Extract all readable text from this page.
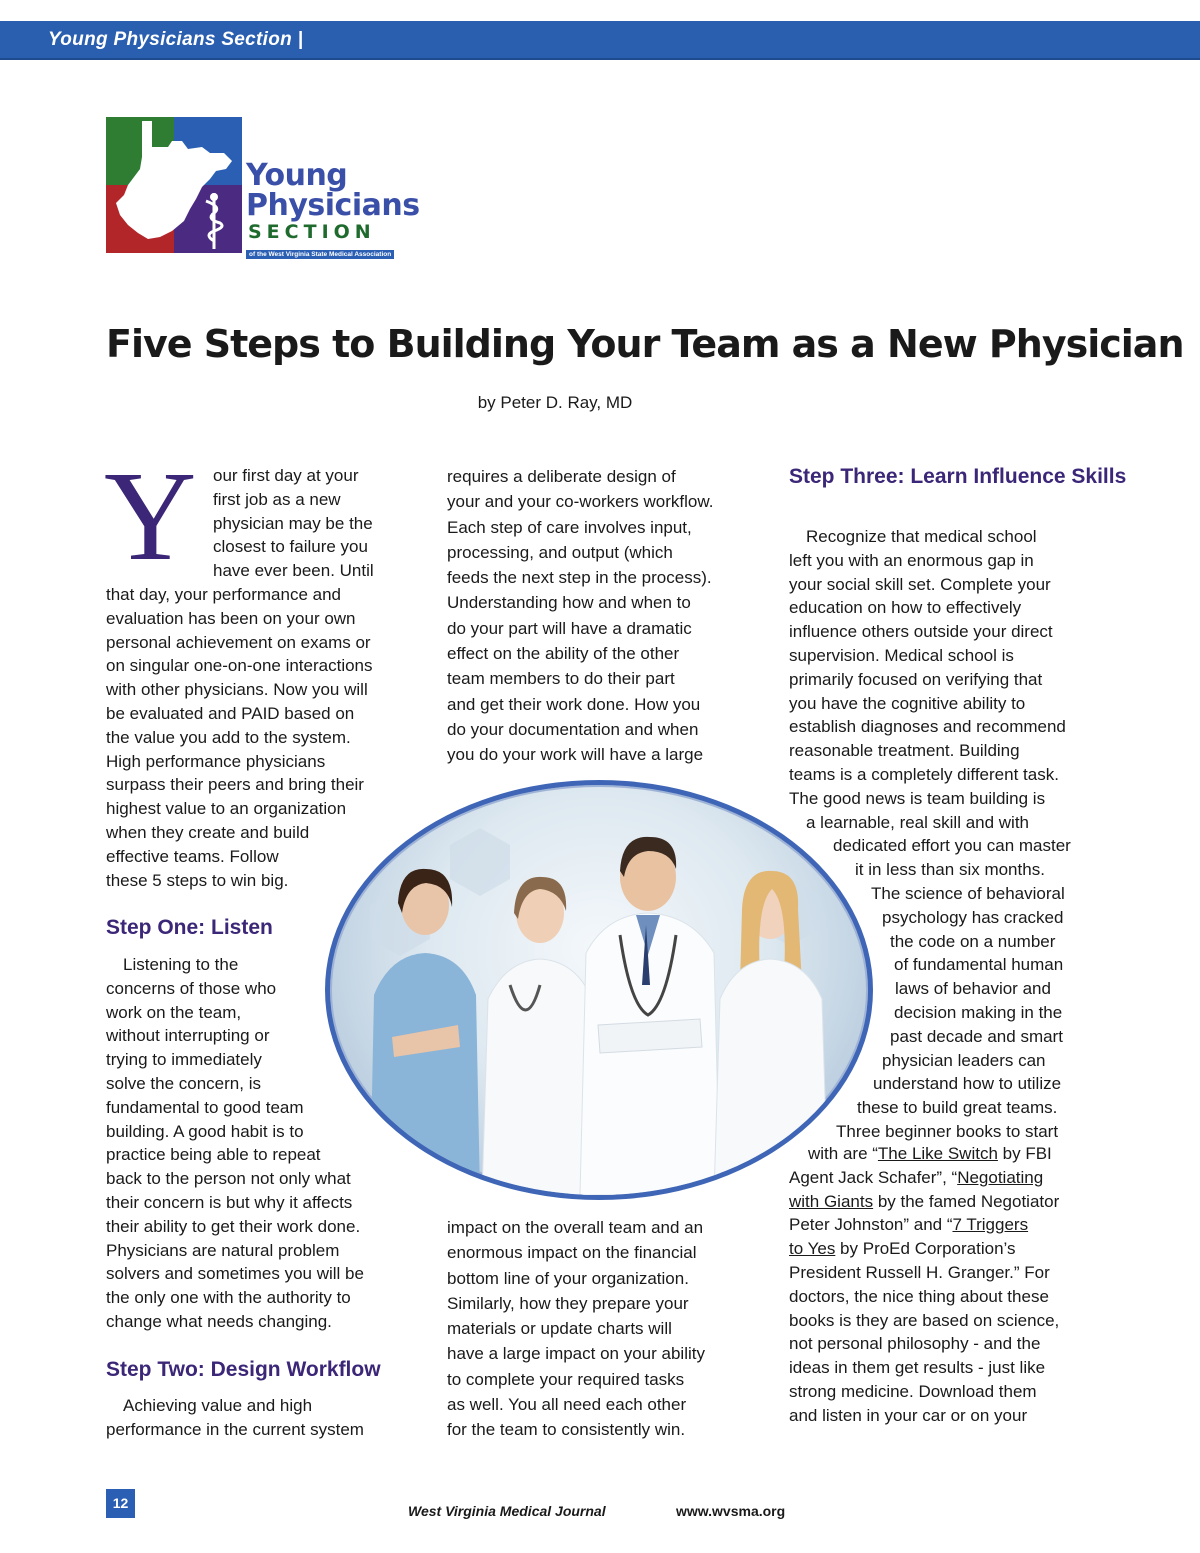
Young Physicians Section |
Young
Physicians
SECTION
of the West Virginia State Medical Association
Five Steps to Building Your Team as a New Physician
by Peter D. Ray, MD
Y our first day at your
first job as a new
physician may be the
closest to failure you
have ever been. Until
that day, your performance and
evaluation has been on your own
personal achievement on exams or
on singular one-on-one interactions
with other physicians. Now you will
be evaluated and PAID based on
the value you add to the system.
High performance physicians
surpass their peers and bring their
highest value to an organization
when they create and build
effective teams. Follow
these 5 steps to win big.
Step One: Listen
Listening to the
concerns of those who
work on the team,
without interrupting or
trying to immediately
solve the concern, is
fundamental to good team
building. A good habit is to
practice being able to repeat
back to the person not only what
their concern is but why it affects
their ability to get their work done.
Physicians are natural problem
solvers and sometimes you will be
the only one with the authority to
change what needs changing.
Step Two: Design Workflow
Achieving value and high
performance in the current system
requires a deliberate design of
your and your co-workers workflow.
Each step of care involves input,
processing, and output (which
feeds the next step in the process).
Understanding how and when to
do your part will have a dramatic
effect on the ability of the other
team members to do their part
and get their work done. How you
do your documentation and when
you do your work will have a large
impact on the overall team and an
enormous impact on the financial
bottom line of your organization.
Similarly, how they prepare your
materials or update charts will
have a large impact on your ability
to complete your required tasks
as well. You all need each other
for the team to consistently win.
Step Three: Learn Influence Skills
Recognize that medical school
left you with an enormous gap in
your social skill set. Complete your
education on how to effectively
influence others outside your direct
supervision. Medical school is
primarily focused on verifying that
you have the cognitive ability to
establish diagnoses and recommend
reasonable treatment. Building
teams is a completely different task.
The good news is team building is
a learnable, real skill and with
dedicated effort you can master
it in less than six months.
The science of behavioral
psychology has cracked
the code on a number
of fundamental human
laws of behavior and
decision making in the
past decade and smart
physician leaders can
understand how to utilize
these to build great teams.
Three beginner books to start
with are “The Like Switch by FBI
Agent Jack Schafer”, “Negotiating
with Giants by the famed Negotiator
Peter Johnston” and “7 Triggers
to Yes by ProEd Corporation’s
President Russell H. Granger.” For
doctors, the nice thing about these
books is they are based on science,
not personal philosophy - and the
ideas in them get results - just like
strong medicine. Download them
and listen in your car or on your
12	West Virginia Medical Journal	www.wvsma.org
